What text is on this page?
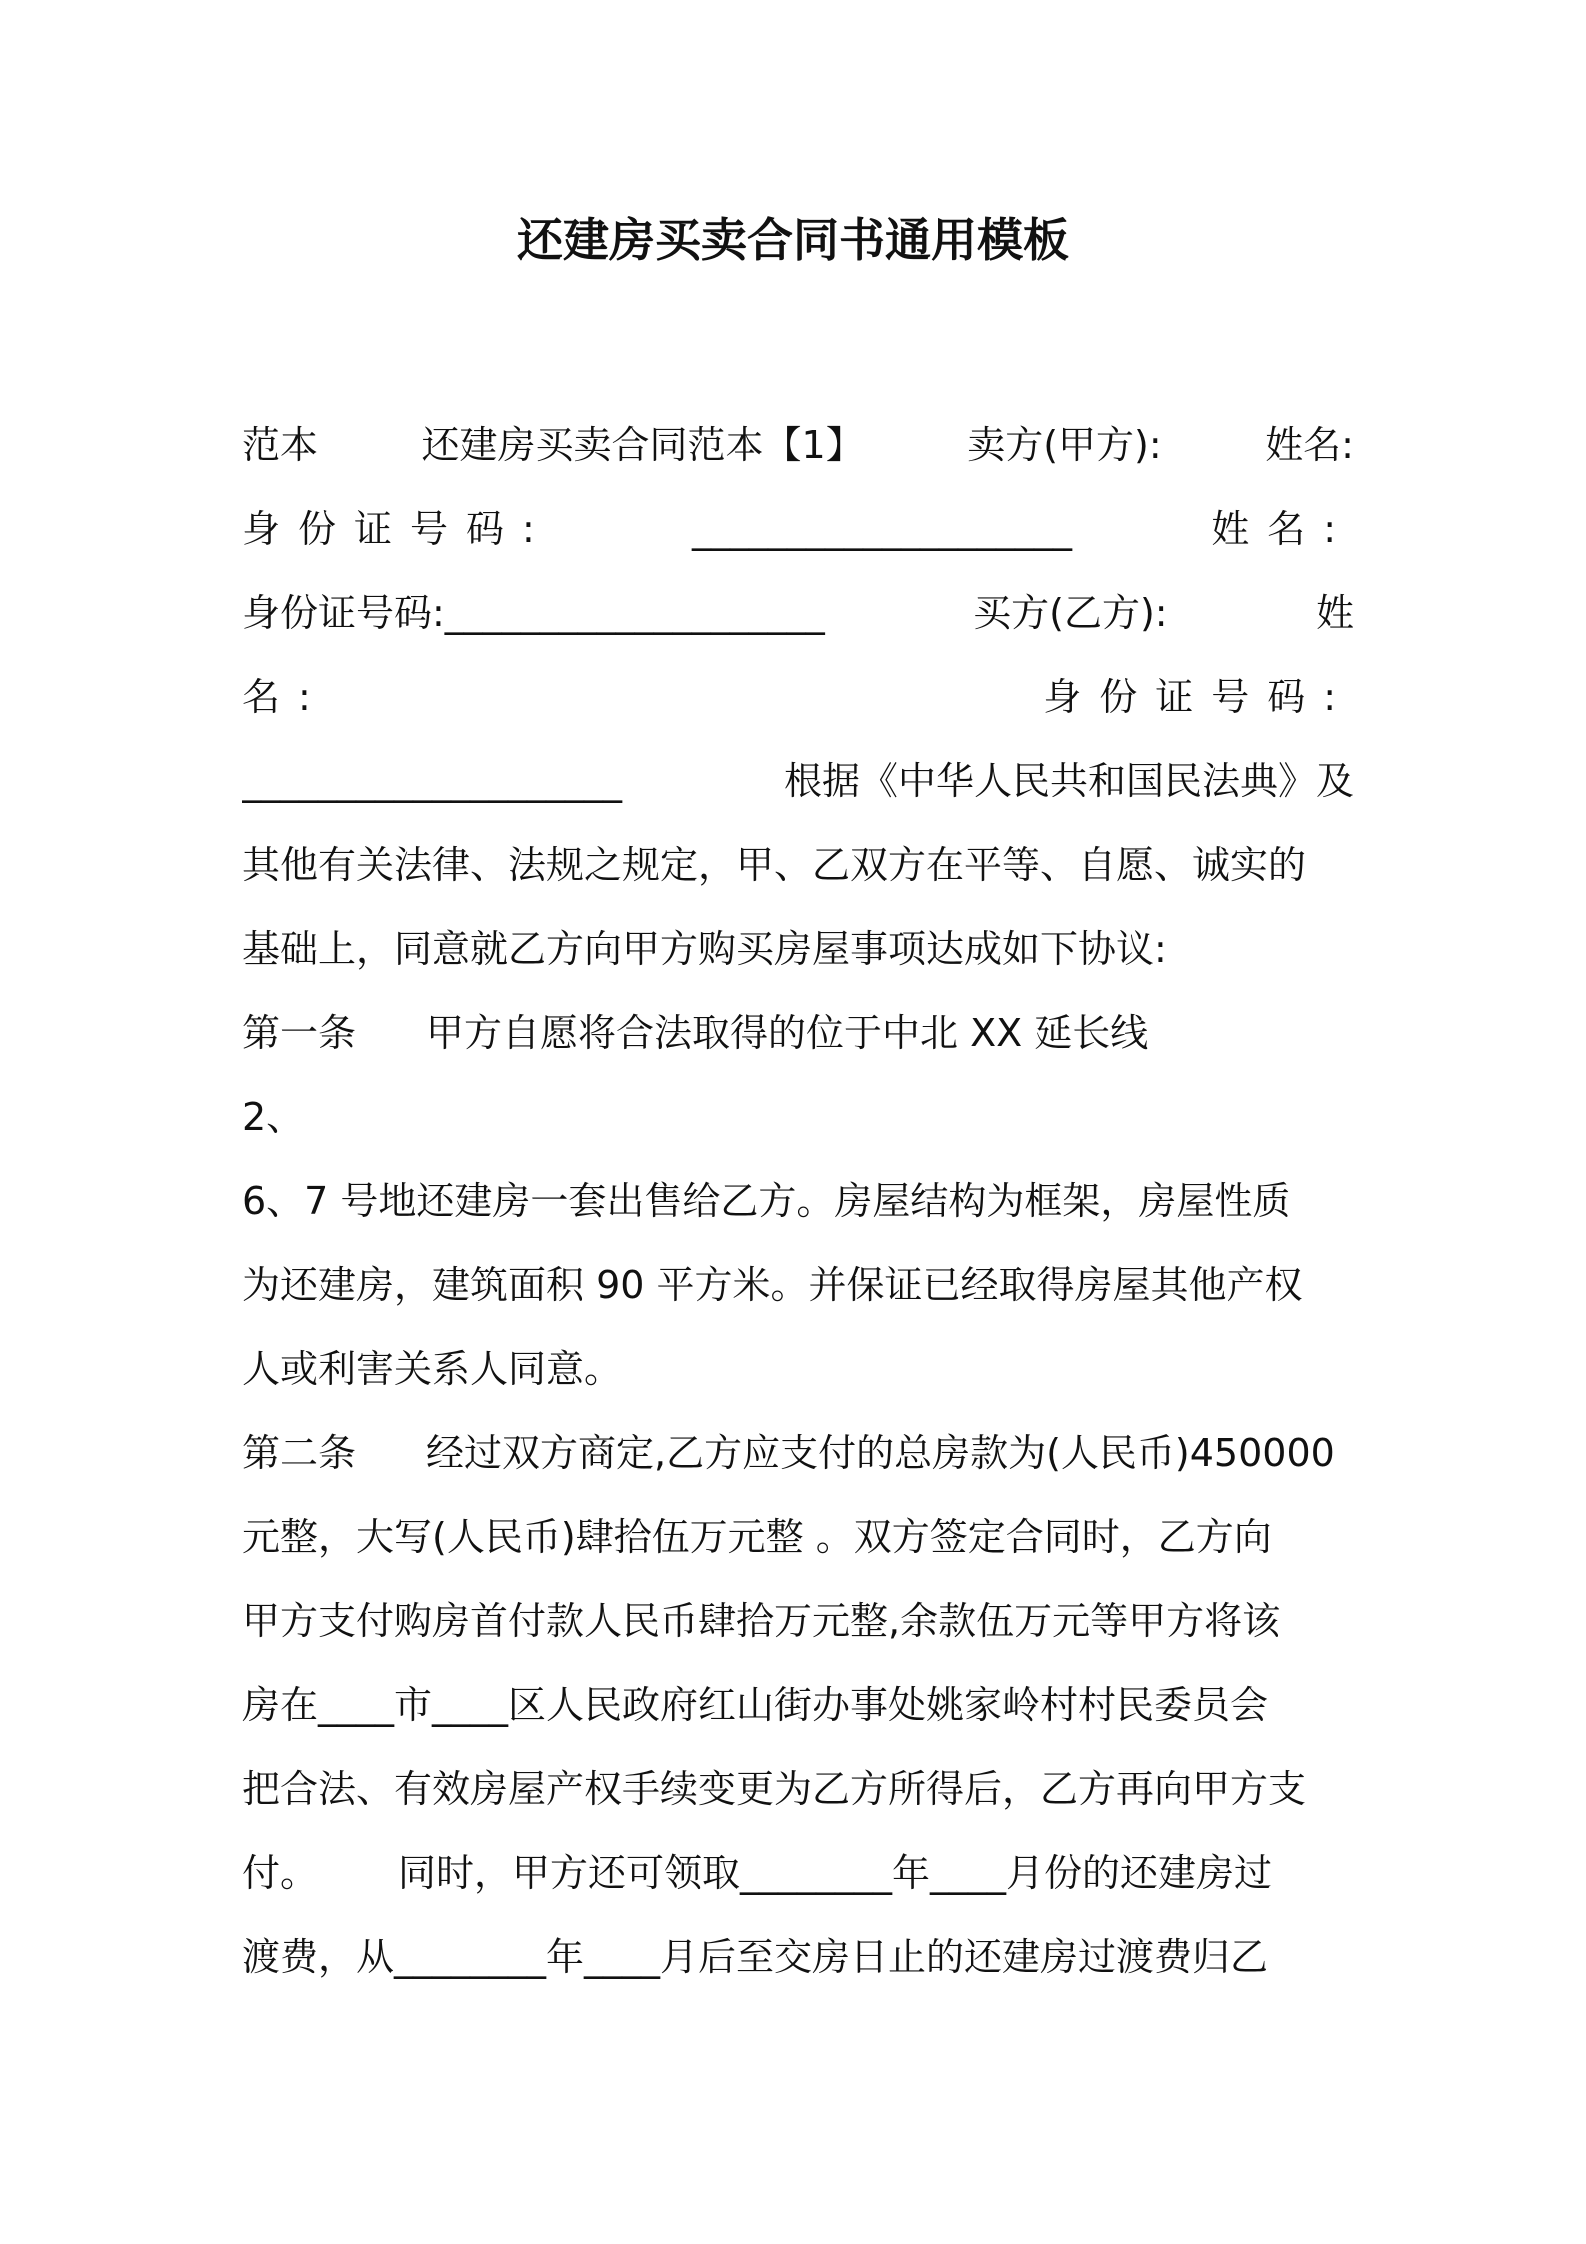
还建房买卖合同书通用模板
范本	还建房买卖合同范本【1】	卖方(甲方):	姓名:
身份证号码:	____________________	姓名:
身份证号码:____________________	买方(乙方):	姓
名:	身份证号码:
____________________	根据《中华人民共和国民法典》及
其他有关法律、法规之规定，甲、乙双方在平等、自愿、诚实的
基础上，同意就乙方向甲方购买房屋事项达成如下协议:
第一条 甲方自愿将合法取得的位于中北 XX 延长线
2、
6、7 号地还建房一套出售给乙方。房屋结构为框架，房屋性质
为还建房，建筑面积 90 平方米。并保证已经取得房屋其他产权
人或利害关系人同意。
第二条 经过双方商定,乙方应支付的总房款为(人民币)450000
元整，大写(人民币)肆拾伍万元整 。双方签定合同时，乙方向
甲方支付购房首付款人民币肆拾万元整,余款伍万元等甲方将该
房在____市____区人民政府红山街办事处姚家岭村村民委员会
把合法、有效房屋产权手续变更为乙方所得后，乙方再向甲方支
付。 同时，甲方还可领取________年____月份的还建房过
渡费，从________年____月后至交房日止的还建房过渡费归乙
